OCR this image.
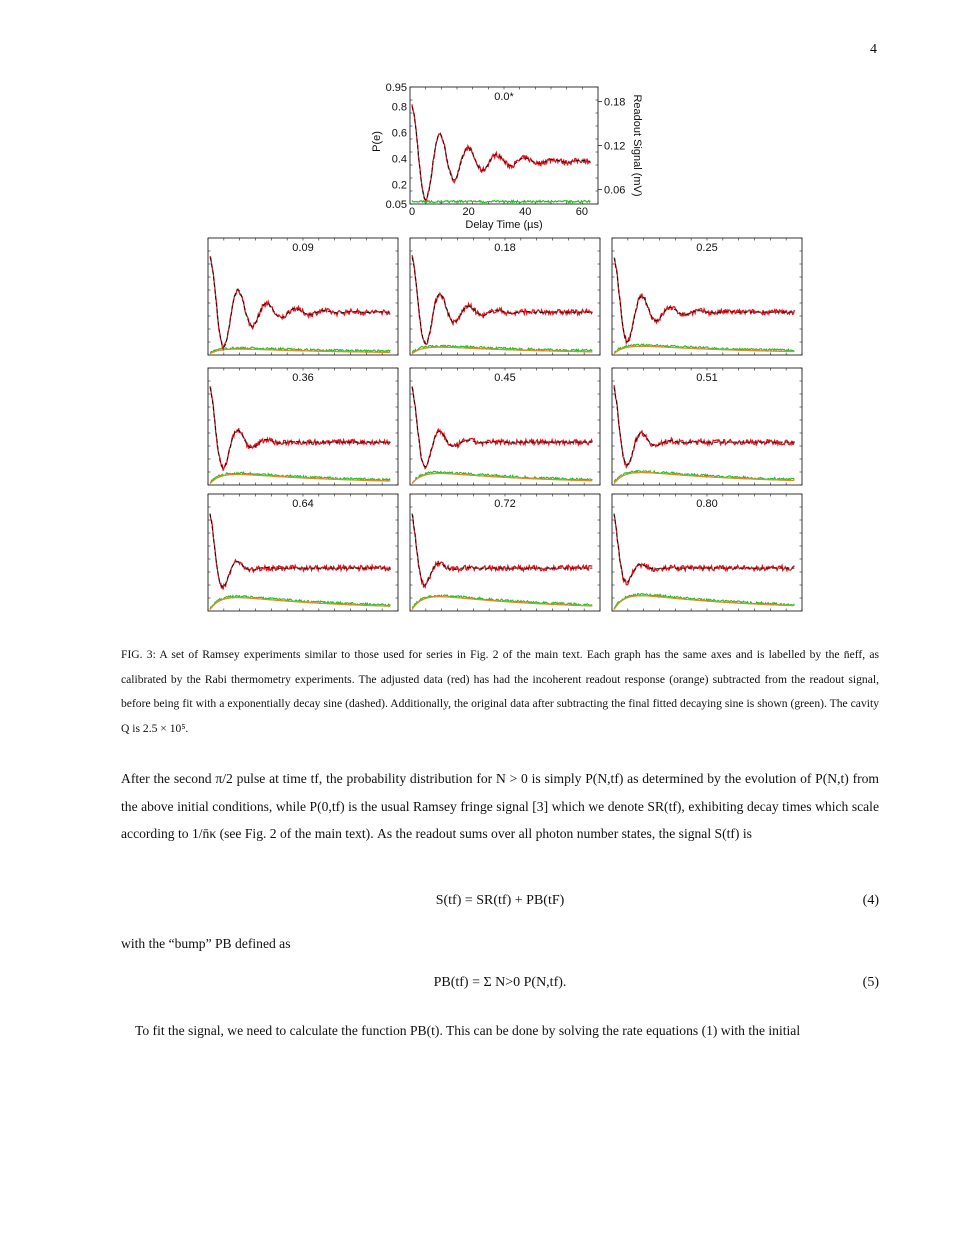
4
0.0*
0.95
0.8
0.6
0.4
0.2
0.05
0.18
0.12
0.06
0	20	40	60
Delay Time (µs)
P(e)	Readout Signal (mV)
0.09	0.18	0.25
0.36	0.45	0.51
0.64	0.72	0.80
FIG. 3: A set of Ramsey experiments similar to those used for series in Fig. 2 of the main text. Each graph has the same axes and is labelled by the n̄eff, as calibrated by the Rabi thermometry experiments. The adjusted data (red) has had the incoherent readout response (orange) subtracted from the readout signal, before being fit with a exponentially decay sine (dashed). Additionally, the original data after subtracting the final fitted decaying sine is shown (green). The cavity Q is 2.5 × 10⁵.
After the second π/2 pulse at time tf, the probability distribution for N > 0 is simply P(N,tf) as determined by the evolution of P(N,t) from the above initial conditions, while P(0,tf) is the usual Ramsey fringe signal [3] which we denote SR(tf), exhibiting decay times which scale according to 1/n̄κ (see Fig. 2 of the main text). As the readout sums over all photon number states, the signal S(tf) is
S(tf) = SR(tf) + PB(tF)	(4)
with the “bump” PB defined as
PB(tf) = Σ N>0 P(N,tf).	(5)
To fit the signal, we need to calculate the function PB(t). This can be done by solving the rate equations (1) with the initial
